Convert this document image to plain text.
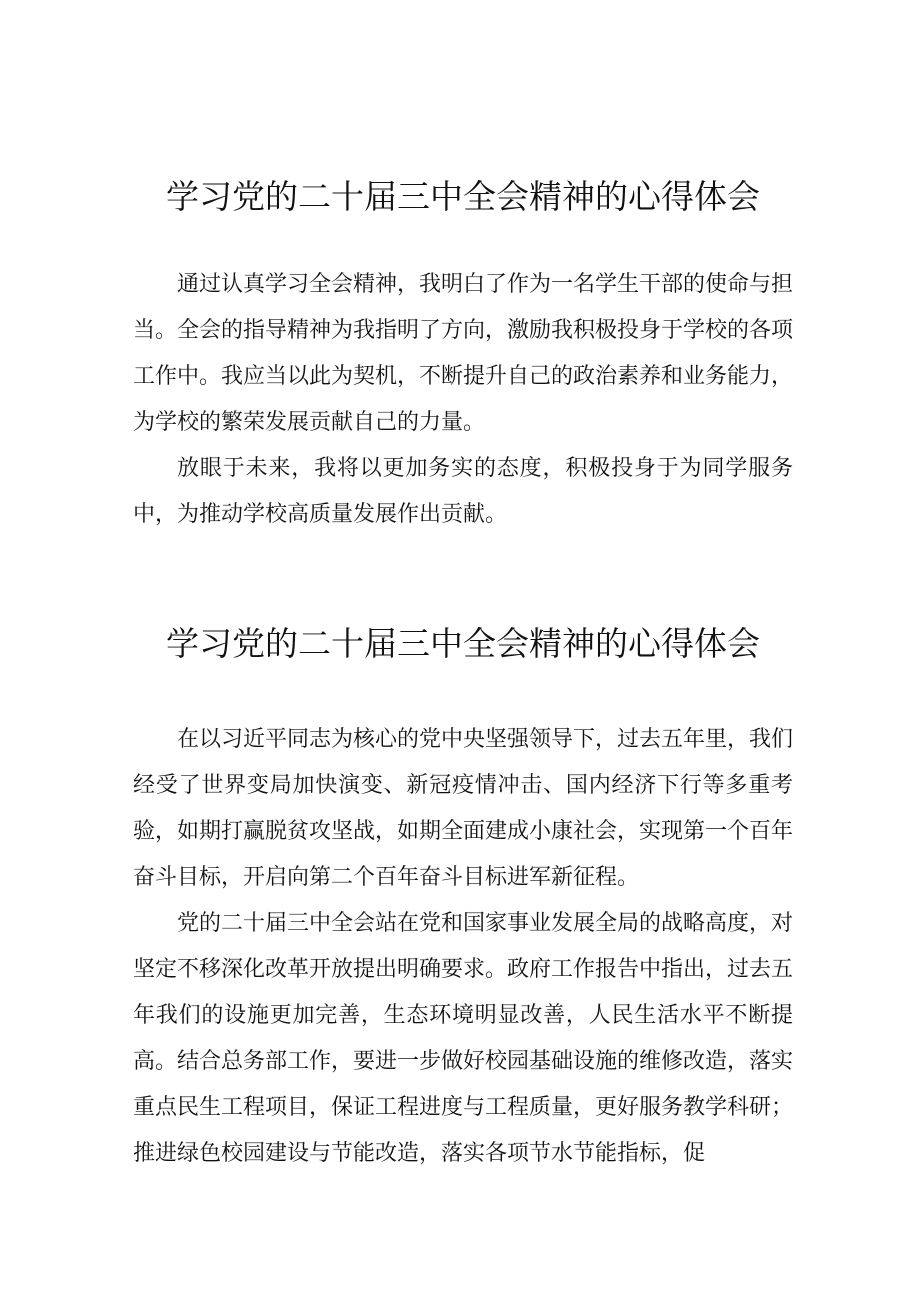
学习党的二十届三中全会精神的心得体会

通过认真学习全会精神，我明白了作为一名学生干部的使命与担当。全会的指导精神为我指明了方向，激励我积极投身于学校的各项工作中。我应当以此为契机，不断提升自己的政治素养和业务能力，为学校的繁荣发展贡献自己的力量。

放眼于未来，我将以更加务实的态度，积极投身于为同学服务中，为推动学校高质量发展作出贡献。

学习党的二十届三中全会精神的心得体会

在以习近平同志为核心的党中央坚强领导下，过去五年里，我们经受了世界变局加快演变、新冠疫情冲击、国内经济下行等多重考验，如期打赢脱贫攻坚战，如期全面建成小康社会，实现第一个百年奋斗目标，开启向第二个百年奋斗目标进军新征程。

党的二十届三中全会站在党和国家事业发展全局的战略高度，对坚定不移深化改革开放提出明确要求。政府工作报告中指出，过去五年我们的设施更加完善，生态环境明显改善，人民生活水平不断提高。结合总务部工作，要进一步做好校园基础设施的维修改造，落实重点民生工程项目，保证工程进度与工程质量，更好服务教学科研；推进绿色校园建设与节能改造，落实各项节水节能指标，促
